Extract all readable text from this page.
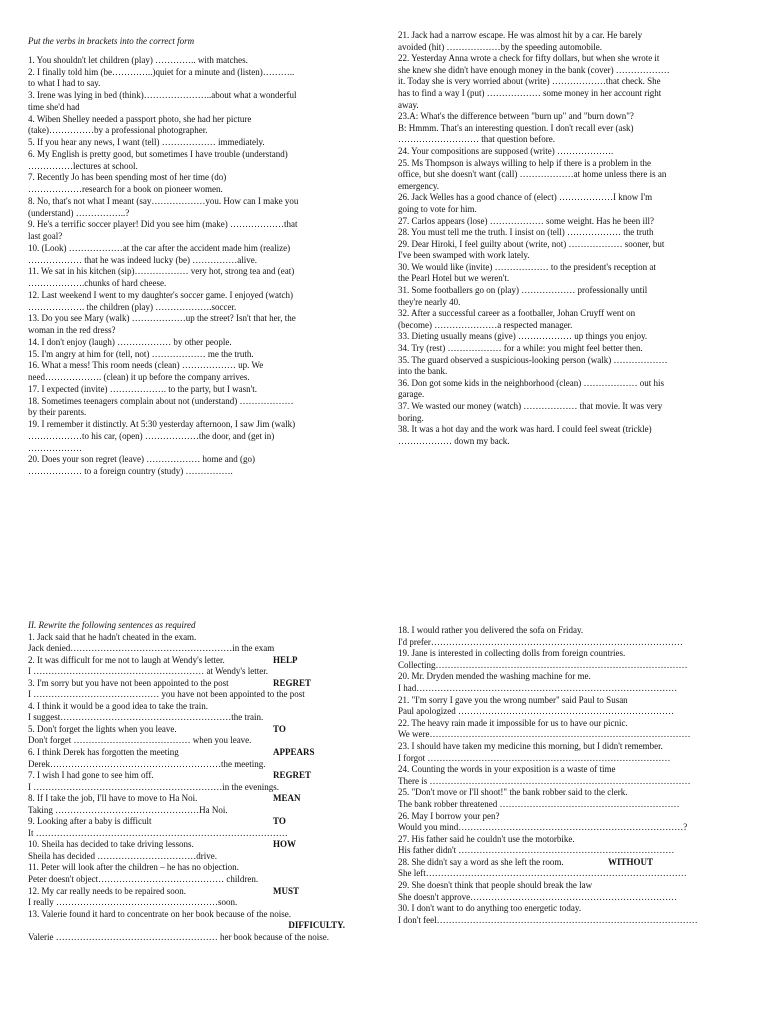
Put the verbs in brackets into the correct form

1. You shouldn't let children (play) ………….. with matches.

2. I finally told him (be…………..)quiet for a minute and (listen)………..

to what I had to say.

3. Irene was lying in bed (think)…………………..about what a wonderful

time she'd had

4. Wiben Shelley needed a passport photo, she had her picture

(take)……………by a professional photographer.

5. If you hear any news, I want (tell) ……………… immediately.

6. My English is pretty good, but sometimes I have trouble (understand)

……………lectures at school.

7. Recently Jo has been spending most of her time (do)

………………research for a book on pioneer women.

8. No, that's not what I meant (say………………you. How can I make you

(understand) ……………..?

9. He's a terrific soccer player! Did you see him (make) ………………that

last goal?

10. (Look) ………………at the car after the accident made him (realize)

……………… that he was indeed lucky (be) ……………alive.

11. We sat in his kitchen (sip)……………… very hot, strong tea and (eat)

……………….chunks of hard cheese.

12. Last weekend I went to my daughter's soccer game. I enjoyed (watch)

………………. the children (play) ……………….soccer.

13. Do you see Mary (walk) ………………up the street? Isn't that her, the

woman in the red dress?

14. I don't enjoy (laugh) ……………… by other people.

15. I'm angry at him for (tell, not) ……………… me the truth.

16. What a mess! This room needs (clean) ……………… up. We

need………………. (clean) it up before the company arrives.

17. I expected (invite) ………………. to the party, but I wasn't.

18. Sometimes teenagers complain about not (understand) ………………

by their parents.

19. I remember it distinctly. At 5:30 yesterday afternoon, I saw Jim (walk)

………………to his car, (open) ………………the door, and (get in)

………………

20. Does your son regret (leave) ……………… home and (go)

……………… to a foreign country (study) …………….

21. Jack had a narrow escape. He was almost hit by a car. He barely

avoided (hit) ………………by the speeding automobile.

22. Yesterday Anna wrote a check for fifty dollars, but when she wrote it

she knew she didn't have enough money in the bank (cover) ………………

it. Today she is very worried about (write) ………………that check. She

has to find a way I (put) ……………… some money in her account right

away.

23.A: What's the difference between "burn up" and "burn down"?

B: Hmmm. That's an interesting question. I don't recall ever (ask)

……………………… that question before.

24. Your compositions are supposed (write) ……………….

25. Ms Thompson is always willing to help if there is a problem in the

office, but she doesn't want (call) ………………at home unless there is an

emergency.

26. Jack Welles has a good chance of (elect) ………………I know I'm

going to vote for him.

27. Carlos appears (lose) ……………… some weight. Has he been ill?

28. You must tell me the truth. I insist on (tell) ……………… the truth

29. Dear Hiroki, I feel guilty about (write, not) ……………… sooner, but

I've been swamped with work lately.

30. We would like (invite) ……………… to the president's reception at

the Pearl Hotel but we weren't.

31. Some footballers go on (play) ……………… professionally until

they're nearly 40.

32. After a successful career as a footballer, Johan Cruyff went on

(become) …………………a respected manager.

33. Dieting usually means (give) ……………… up things you enjoy.

34. Try (rest) ……………… for a while: you might feel better then.

35. The guard observed a suspicious-looking person (walk) ………………

into the bank.

36. Don got some kids in the neighborhood (clean) ……………… out his

garage.

37. We wasted our money (watch) ……………… that movie. It was very

boring.

38. It was a hot day and the work was hard. I could feel sweat (trickle)

……………… down my back.

II. Rewrite the following sentences as required

1. Jack said that he hadn't cheated in the exam.

Jack denied………………………………………………in the exam

2. It was difficult for me not to laugh at Wendy's letter.	HELP

I ………………………………………………… at Wendy's letter.

3. I'm sorry but you have not been appointed to the post	REGRET

I …………………………………… you have not been appointed to the post

4. I think it would be a good idea to take the train.

I suggest…………………………………………………the train.

5. Don't forget the lights when you leave.	TO

Don't forget ………………………………… when you leave.

6. I think Derek has forgotten the meeting	APPEARS

Derek…………………………………………………the meeting.

7. I wish I had gone to see him off.	REGRET

I ………………………………………………………in the evenings.

8. If I take the job, I'll have to move to Ha Noi.	MEAN

Taking …………………………………………Ha Noi.

9. Looking after a baby is difficult	TO

It …………………………………………………………………………

10. Sheila has decided to take driving lessons.	HOW

Sheila has decided ……………………………drive.

11. Peter will look after the children – he has no objection.

Peter doesn't object…………………………………… children.

12. My car really needs to be repaired soon.	MUST

I really ………………………………………………soon.

13. Valerie found it hard to concentrate on her book because of the noise.

DIFFICULTY.

Valerie ……………………………………………… her book because of the noise.

18. I would rather you delivered the sofa on Friday.

I'd prefer…………………………………………………………………………

19. Jane is interested in collecting dolls from foreign countries.

Collecting…………………………………………………………………………

20. Mr. Dryden mended the washing machine for me.

I had……………………………………………………………………………

21. "I'm sorry I gave you the wrong number" said Paul to Susan

Paul apologized ………………………………………………………………

22. The heavy rain made it impossible for us to have our picnic.

We were……………………………………………………………………………

23. I should have taken my medicine this morning, but I didn't remember.

I forgot ………………………………………………………………………

24. Counting the words in your exposition is a waste of time

There is ……………………………………………………………………………

25. "Don't move or I'll shoot!" the bank robber said to the clerk.

The bank robber threatened ……………………………………………………

26. May I borrow your pen?

Would you mind…………………………………………………………………?

27. His father said he couldn't use the motorbike.

His father didn't ………………………………………………………………

28. She didn't say a word as she left the room.	WITHOUT

She left……………………………………………………………………………

29. She doesn't think that people should break the law

She doesn't approve……………………………………………………………

30. I don't want to do anything too energetic today.

I don't feel……………………………………………………………………………
